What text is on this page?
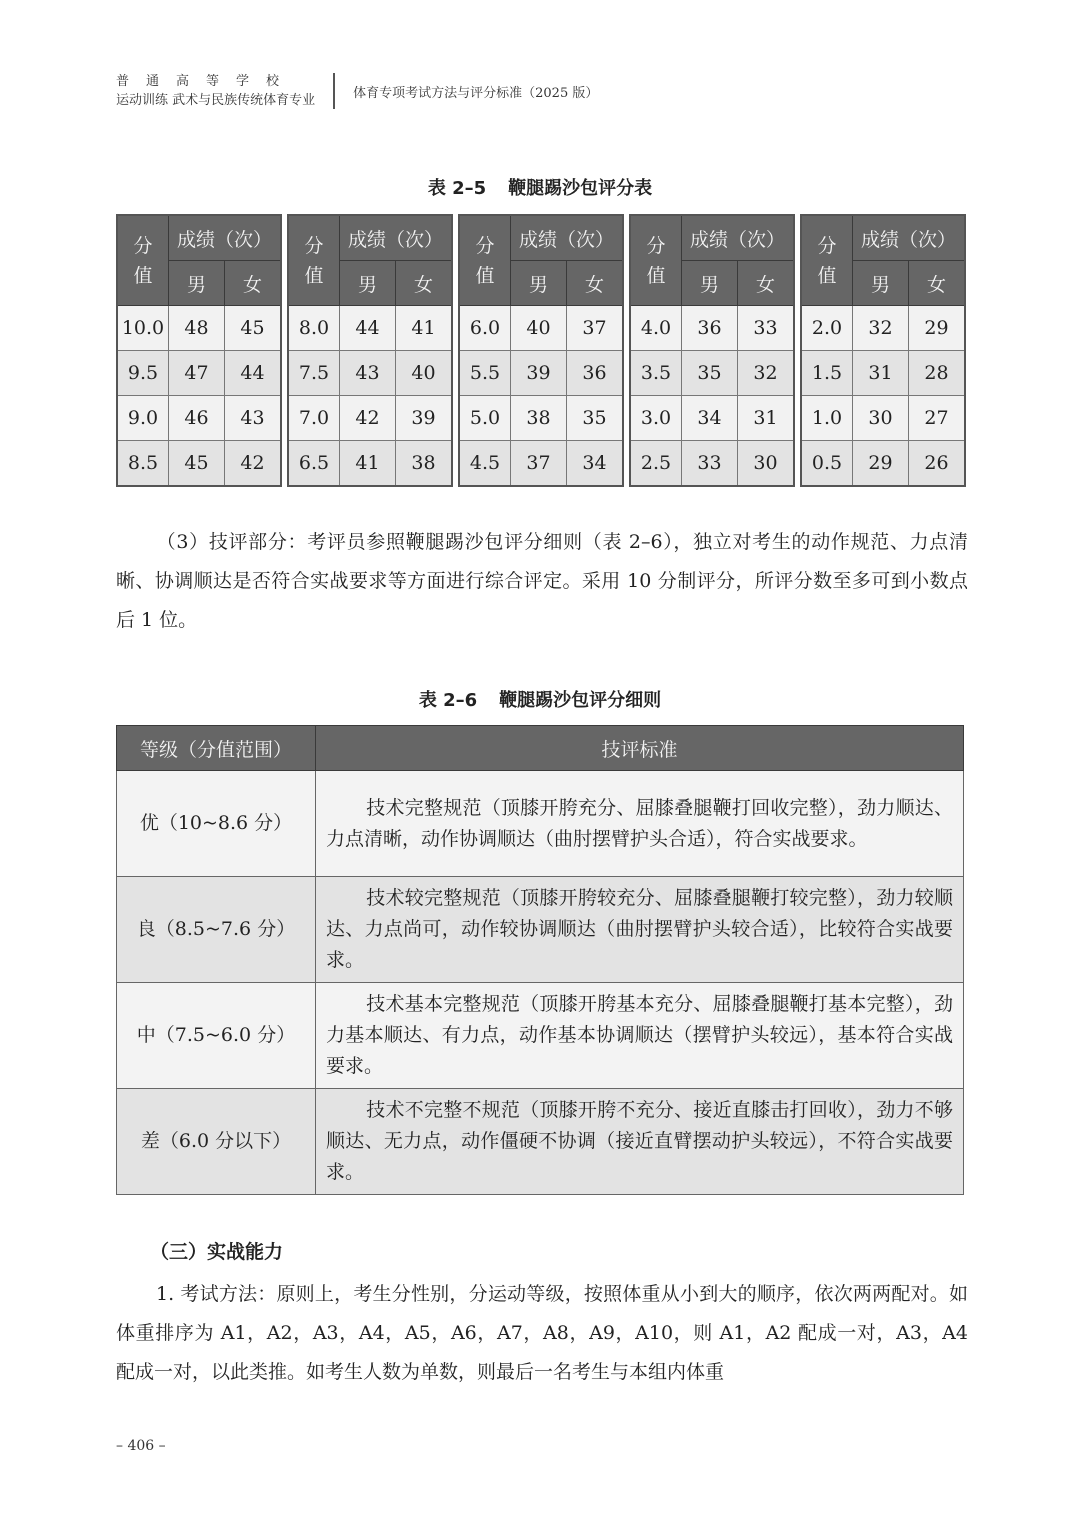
普通高等学校
运动训练 武术与民族传统体育专业	体育专项考试方法与评分标准（2025 版）
表 2–5 鞭腿踢沙包评分表
分
值	成绩（次）	
	男	女
10.0	48	45
9.5	47	44
9.0	46	43
8.5	45	42
分
值	成绩（次）	
	男	女
8.0	44	41
7.5	43	40
7.0	42	39
6.5	41	38
分
值	成绩（次）	
	男	女
6.0	40	37
5.5	39	36
5.0	38	35
4.5	37	34
分
值	成绩（次）	
	男	女
4.0	36	33
3.5	35	32
3.0	34	31
2.5	33	30
分
值	成绩（次）	
	男	女
2.0	32	29
1.5	31	28
1.0	30	27
0.5	29	26
（3）技评部分：考评员参照鞭腿踢沙包评分细则（表 2–6），独立对考生的动作规范、力点清晰、协调顺达是否符合实战要求等方面进行综合评定。采用 10 分制评分，所评分数至多可到小数点后 1 位。
表 2–6 鞭腿踢沙包评分细则
等级（分值范围）	技评标准
优（10~8.6 分）	技术完整规范（顶膝开胯充分、屈膝叠腿鞭打回收完整），劲力顺达、力点清晰，动作协调顺达（曲肘摆臂护头合适），符合实战要求。
良（8.5~7.6 分）	技术较完整规范（顶膝开胯较充分、屈膝叠腿鞭打较完整），劲力较顺达、力点尚可，动作较协调顺达（曲肘摆臂护头较合适），比较符合实战要求。
中（7.5~6.0 分）	技术基本完整规范（顶膝开胯基本充分、屈膝叠腿鞭打基本完整），劲力基本顺达、有力点，动作基本协调顺达（摆臂护头较远），基本符合实战要求。
差（6.0 分以下）	技术不完整不规范（顶膝开胯不充分、接近直膝击打回收），劲力不够顺达、无力点，动作僵硬不协调（接近直臂摆动护头较远），不符合实战要求。
（三）实战能力
1. 考试方法：原则上，考生分性别，分运动等级，按照体重从小到大的顺序，依次两两配对。如体重排序为 A1，A2，A3，A4，A5，A6，A7，A8，A9，A10，则 A1，A2 配成一对，A3，A4 配成一对，以此类推。如考生人数为单数，则最后一名考生与本组内体重
– 406 –
